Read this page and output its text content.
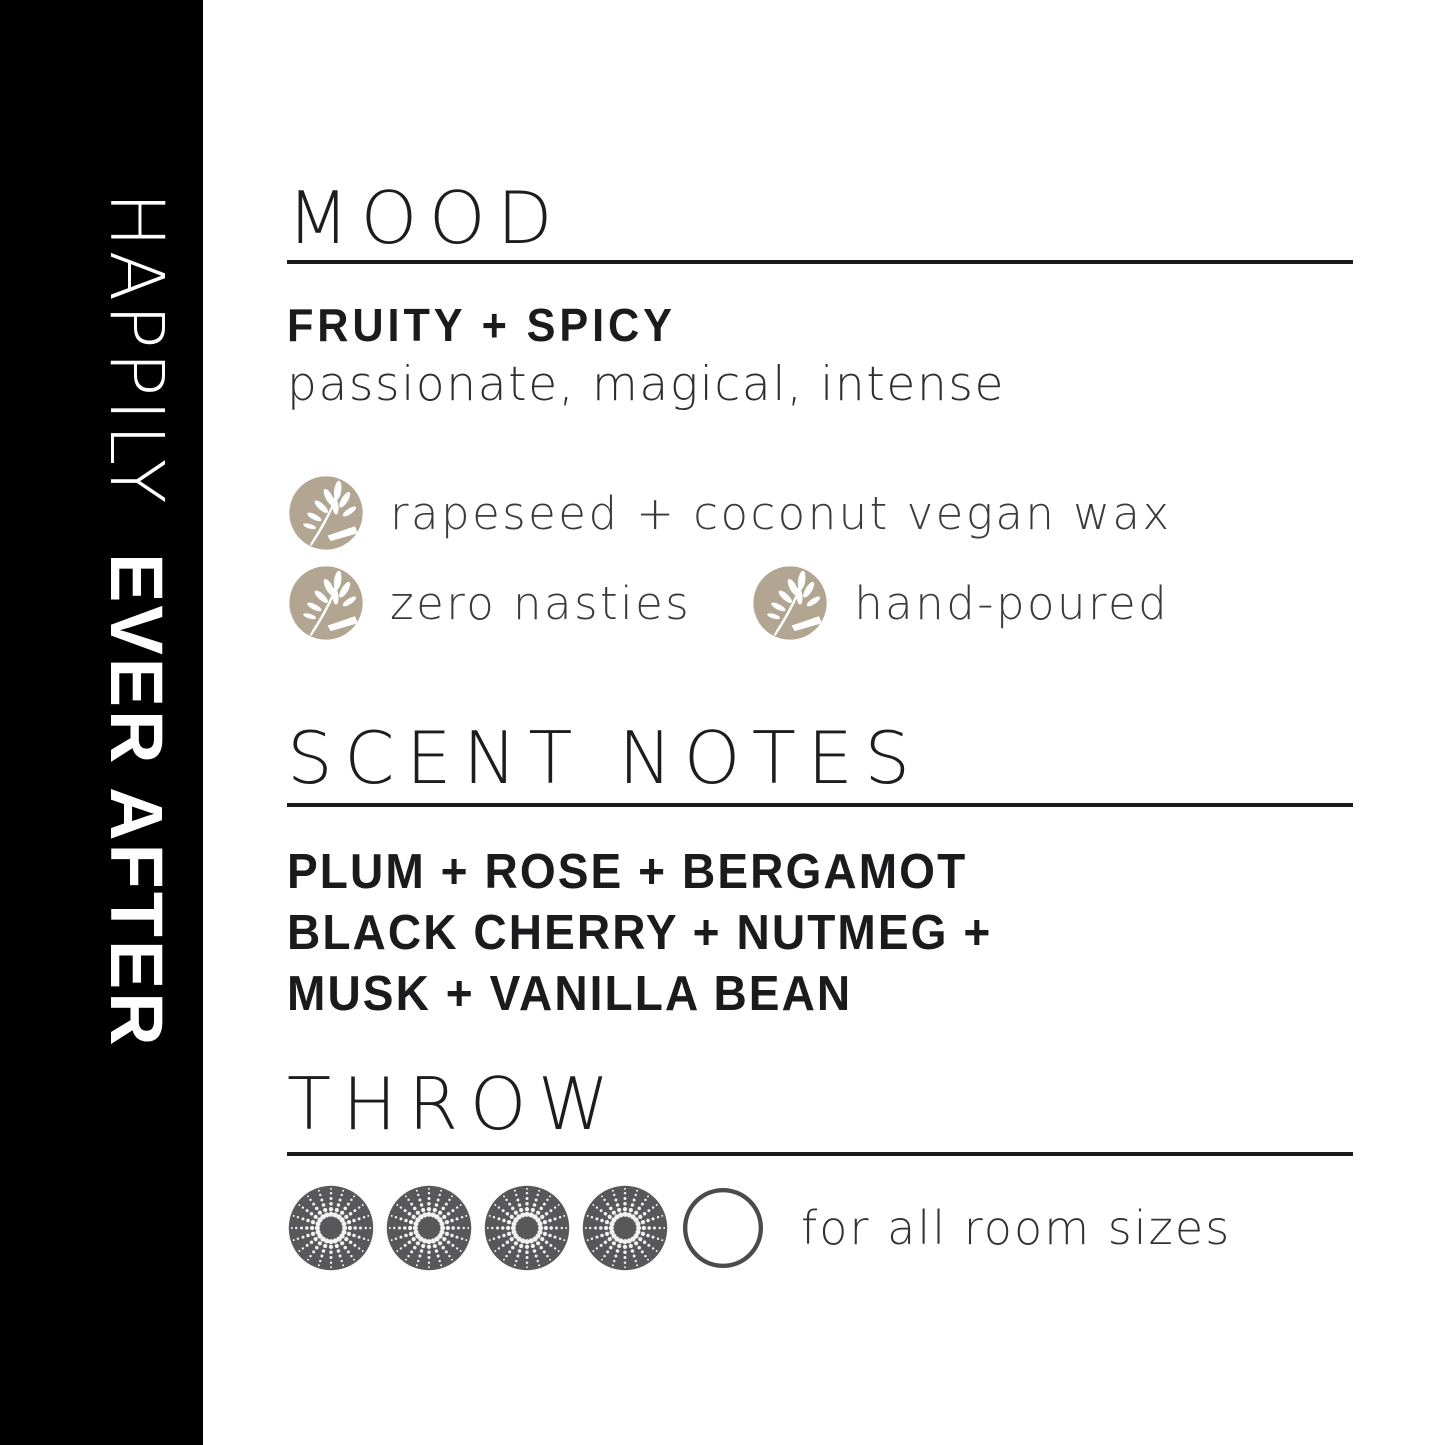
HAPPILYEVER AFTER
MOOD
FRUITY + SPICY
passionate, magical, intense
rapeseed + coconut vegan wax
zero nasties	hand-poured
SCENT NOTES
PLUM + ROSE + BERGAMOT
BLACK CHERRY + NUTMEG +
MUSK + VANILLA BEAN
THROW
for all room sizes
